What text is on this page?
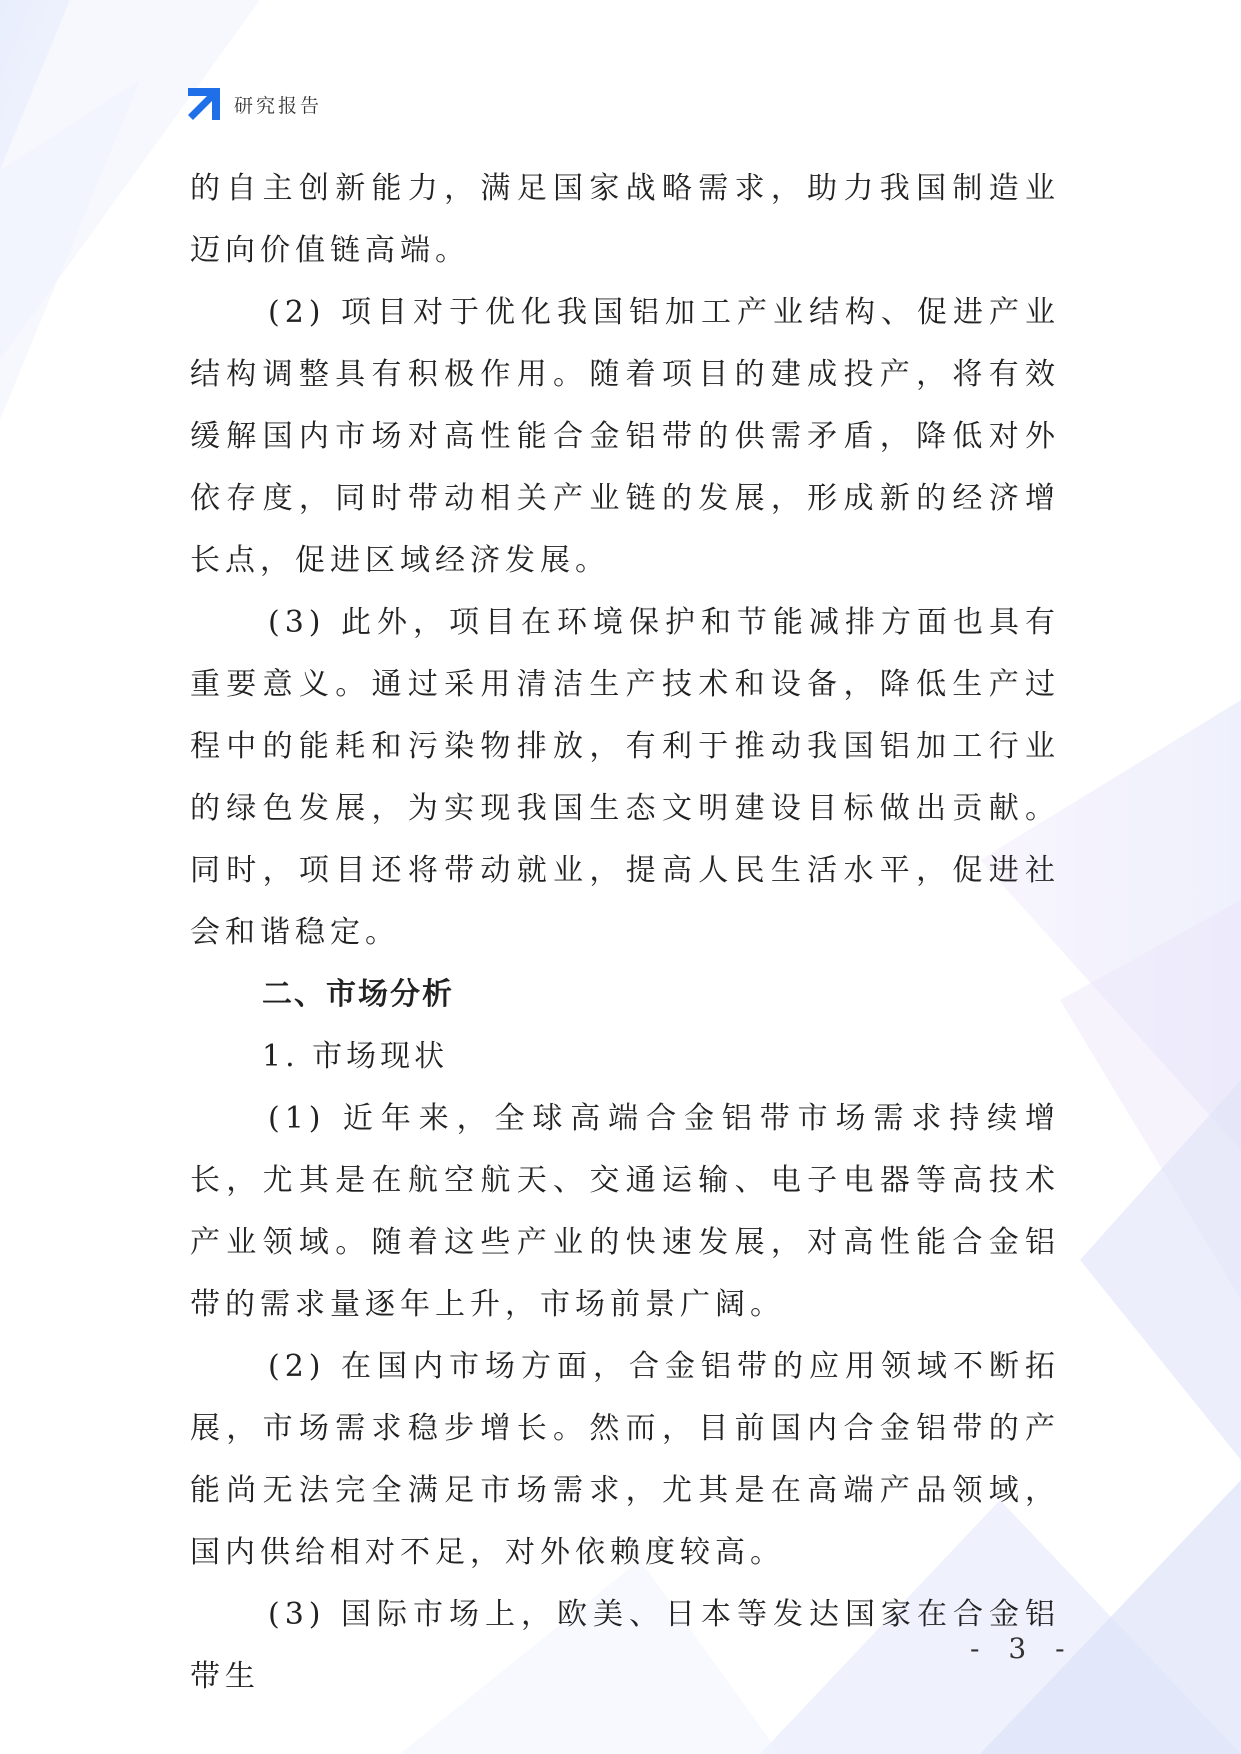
研究报告

的自主创新能力，满足国家战略需求，助力我国制造业迈向价值链高端。

(2) 项目对于优化我国铝加工产业结构、促进产业结构调整具有积极作用。随着项目的建成投产，将有效缓解国内市场对高性能合金铝带的供需矛盾，降低对外依存度，同时带动相关产业链的发展，形成新的经济增长点，促进区域经济发展。

(3) 此外，项目在环境保护和节能减排方面也具有重要意义。通过采用清洁生产技术和设备，降低生产过程中的能耗和污染物排放，有利于推动我国铝加工行业的绿色发展，为实现我国生态文明建设目标做出贡献。同时，项目还将带动就业，提高人民生活水平，促进社会和谐稳定。

二、市场分析
1. 市场现状

(1) 近年来，全球高端合金铝带市场需求持续增长，尤其是在航空航天、交通运输、电子电器等高技术产业领域。随着这些产业的快速发展，对高性能合金铝带的需求量逐年上升，市场前景广阔。

(2) 在国内市场方面，合金铝带的应用领域不断拓展，市场需求稳步增长。然而，目前国内合金铝带的产能尚无法完全满足市场需求，尤其是在高端产品领域，国内供给相对不足，对外依赖度较高。

(3) 国际市场上，欧美、日本等发达国家在合金铝带生

- 3 -
